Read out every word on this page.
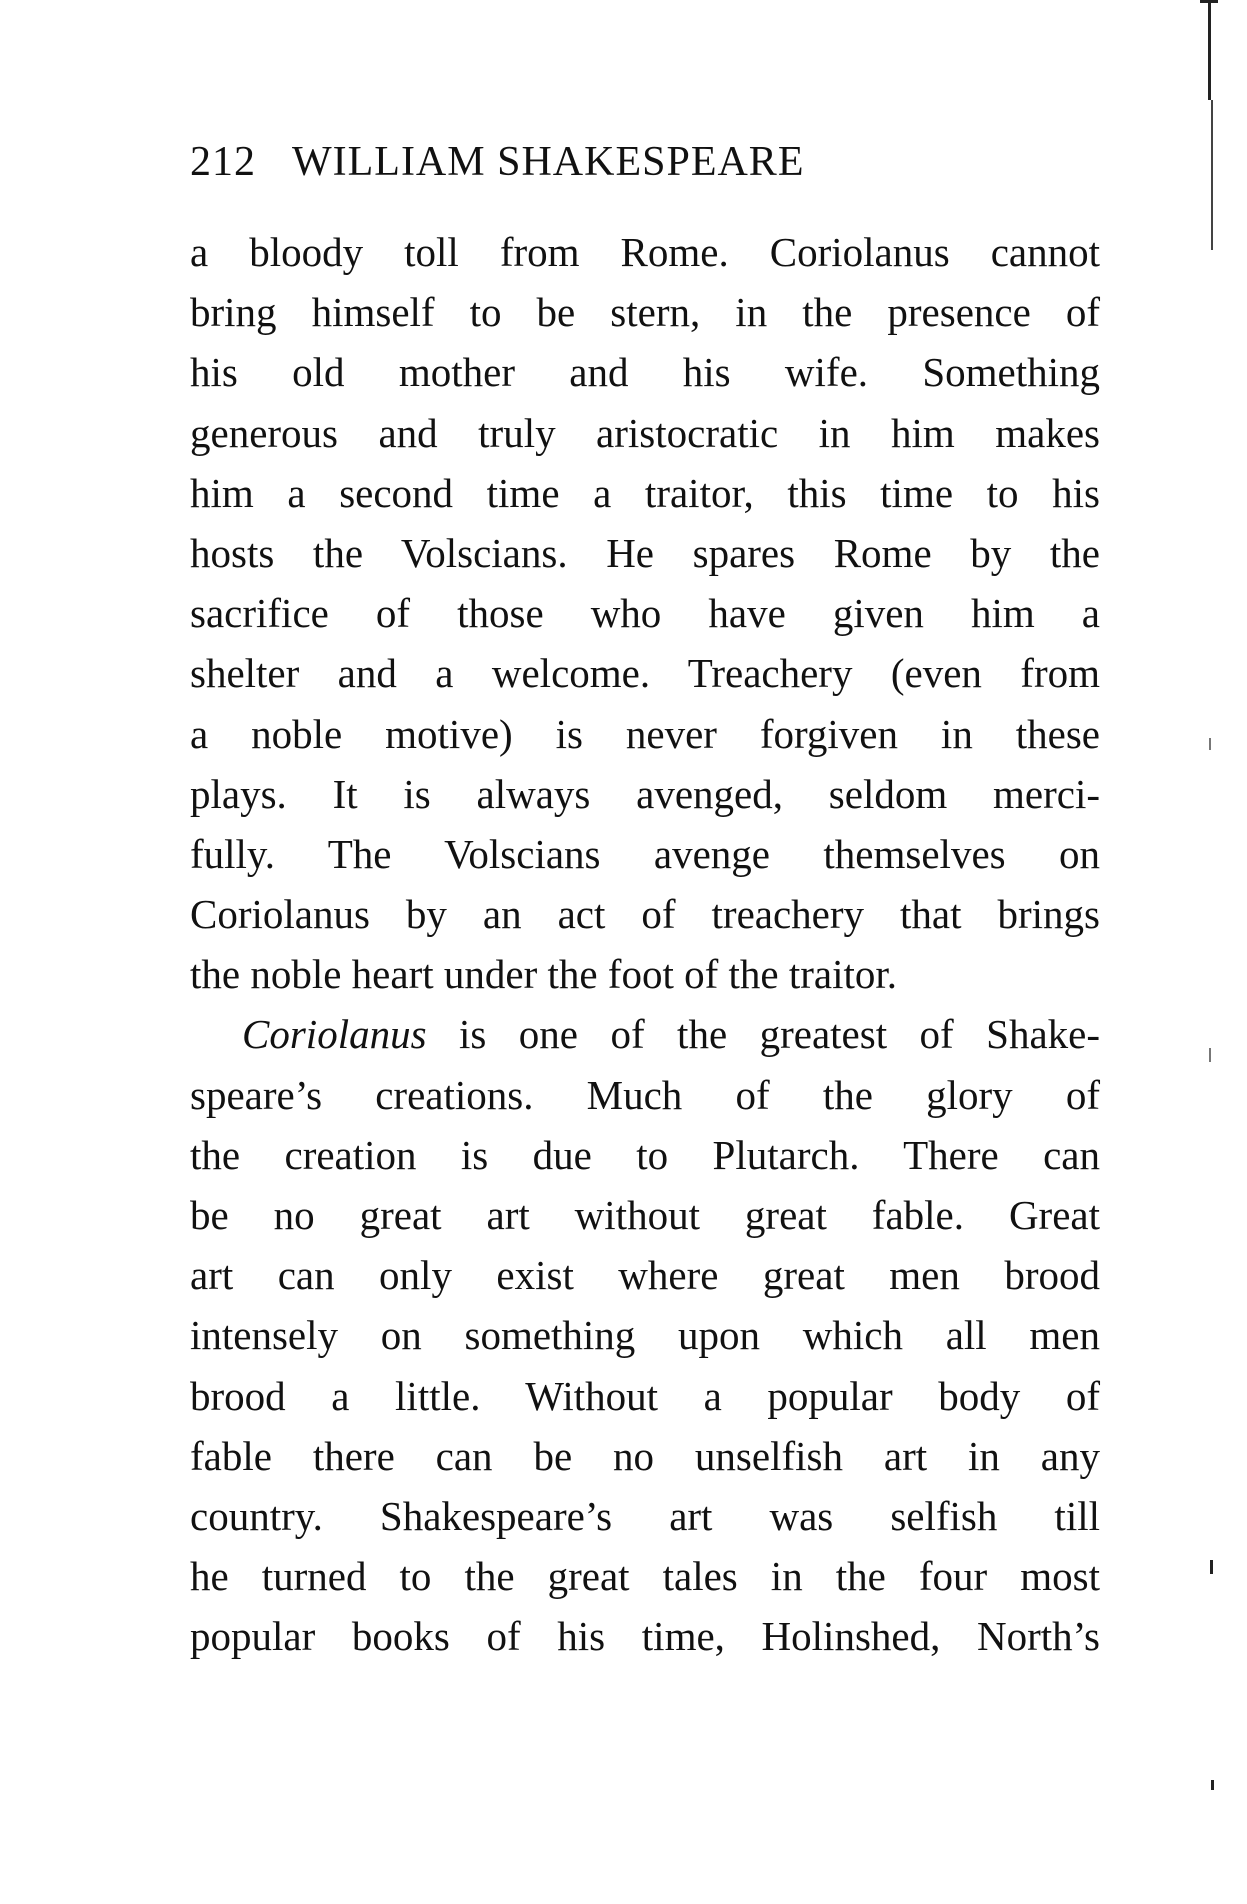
212 WILLIAM SHAKESPEARE
a bloody toll from Rome. Coriolanus cannot
bring himself to be stern, in the presence of
his old mother and his wife. Something
generous and truly aristocratic in him makes
him a second time a traitor, this time to his
hosts the Volscians. He spares Rome by the
sacrifice of those who have given him a
shelter and a welcome. Treachery (even from
a noble motive) is never forgiven in these
plays. It is always avenged, seldom merci-
fully. The Volscians avenge themselves on
Coriolanus by an act of treachery that brings
the noble heart under the foot of the traitor.
Coriolanus is one of the greatest of Shake-
speare’s creations. Much of the glory of
the creation is due to Plutarch. There can
be no great art without great fable. Great
art can only exist where great men brood
intensely on something upon which all men
brood a little. Without a popular body of
fable there can be no unselfish art in any
country. Shakespeare’s art was selfish till
he turned to the great tales in the four most
popular books of his time, Holinshed, North’s
